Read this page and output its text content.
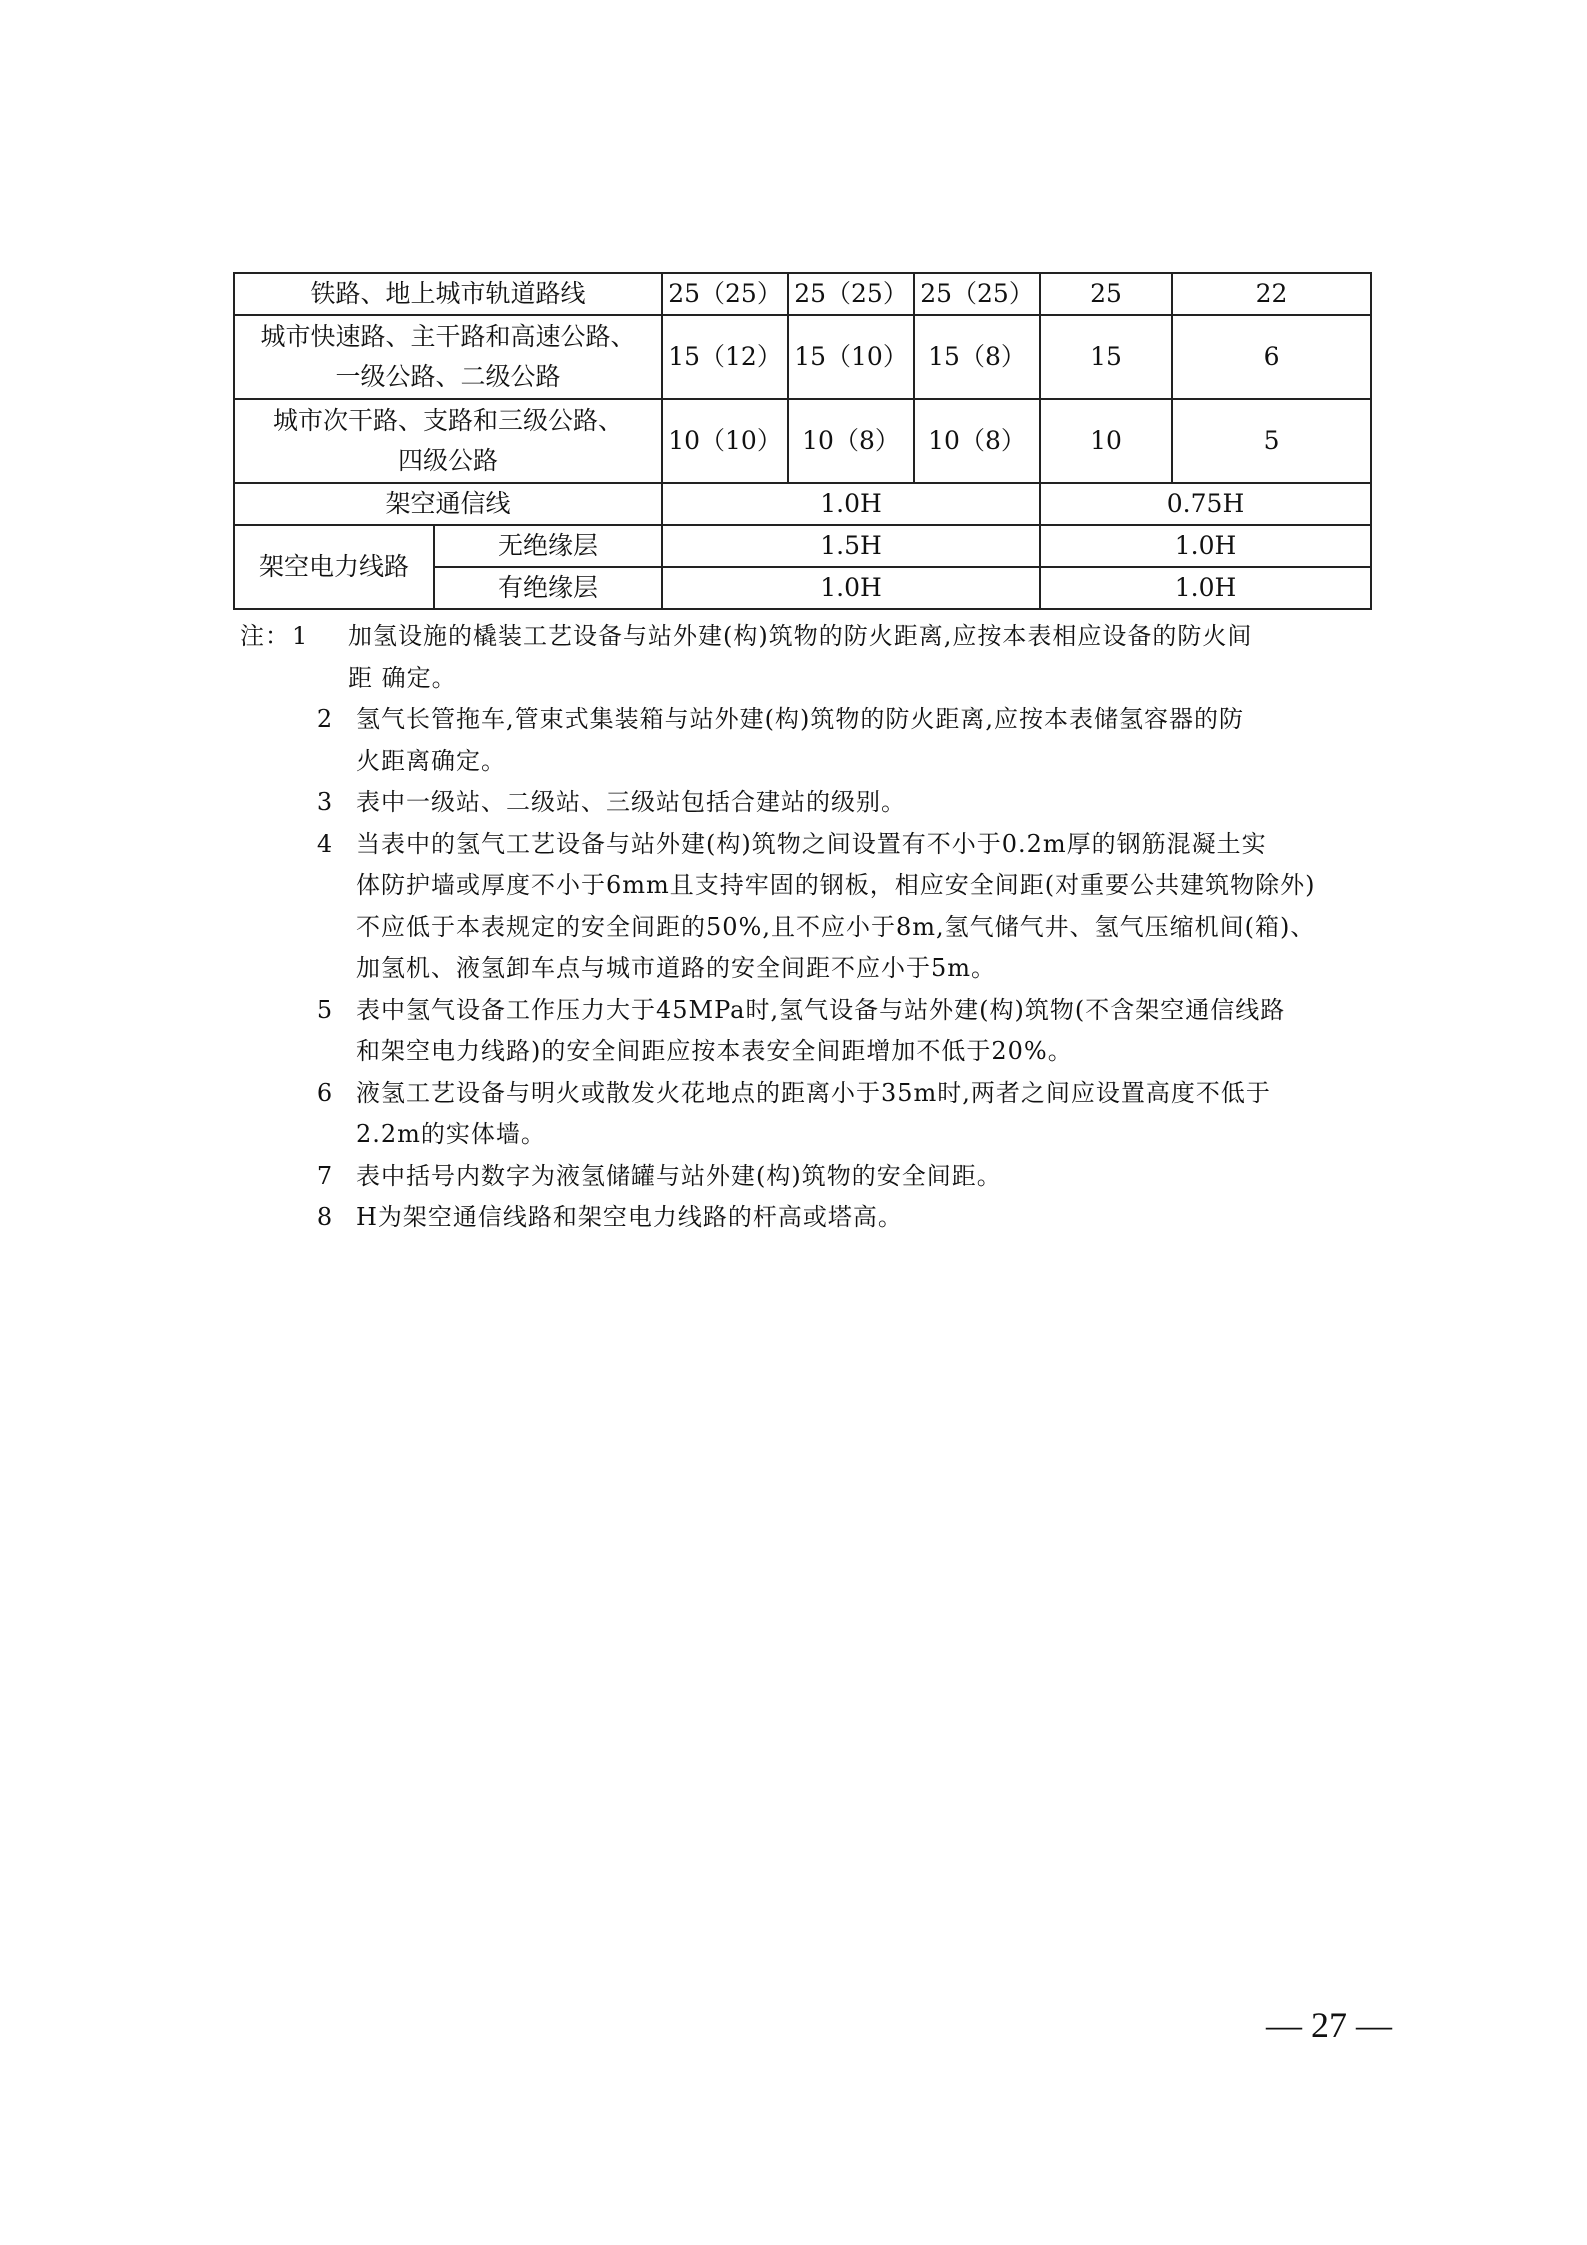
铁路、地上城市轨道路线		25（25）	25（25）	25（25）	25	22

城市快速路、主干路和高速公路、
一级公路、二级公路		15（12）	15（10）	15（8）	15	6

城市次干路、支路和三级公路、
四级公路		10（10）	10（8）	10（8）	10	5
架空通信线		1.0H			0.75H	
架空电力线路	无绝缘层	1.5H			1.0H	
	有绝缘层	1.0H			1.0H	
注： 1 加氢设施的橇装工艺设备与站外建(构)筑物的防火距离,应按本表相应设备的防火间
距 确定。
2 氢气长管拖车,管束式集装箱与站外建(构)筑物的防火距离,应按本表储氢容器的防
火距离确定。
3 表中一级站、二级站、三级站包括合建站的级别。
4 当表中的氢气工艺设备与站外建(构)筑物之间设置有不小于0.2m厚的钢筋混凝土实
体防护墙或厚度不小于6mm且支持牢固的钢板，相应安全间距(对重要公共建筑物除外)
不应低于本表规定的安全间距的50%,且不应小于8m,氢气储气井、氢气压缩机间(箱)、
加氢机、液氢卸车点与城市道路的安全间距不应小于5m。
5 表中氢气设备工作压力大于45MPa时,氢气设备与站外建(构)筑物(不含架空通信线路
和架空电力线路)的安全间距应按本表安全间距增加不低于20%。
6 液氢工艺设备与明火或散发火花地点的距离小于35m时,两者之间应设置高度不低于
2.2m的实体墙。
7 表中括号内数字为液氢储罐与站外建(构)筑物的安全间距。
8 H为架空通信线路和架空电力线路的杆高或塔高。
— 27 —
